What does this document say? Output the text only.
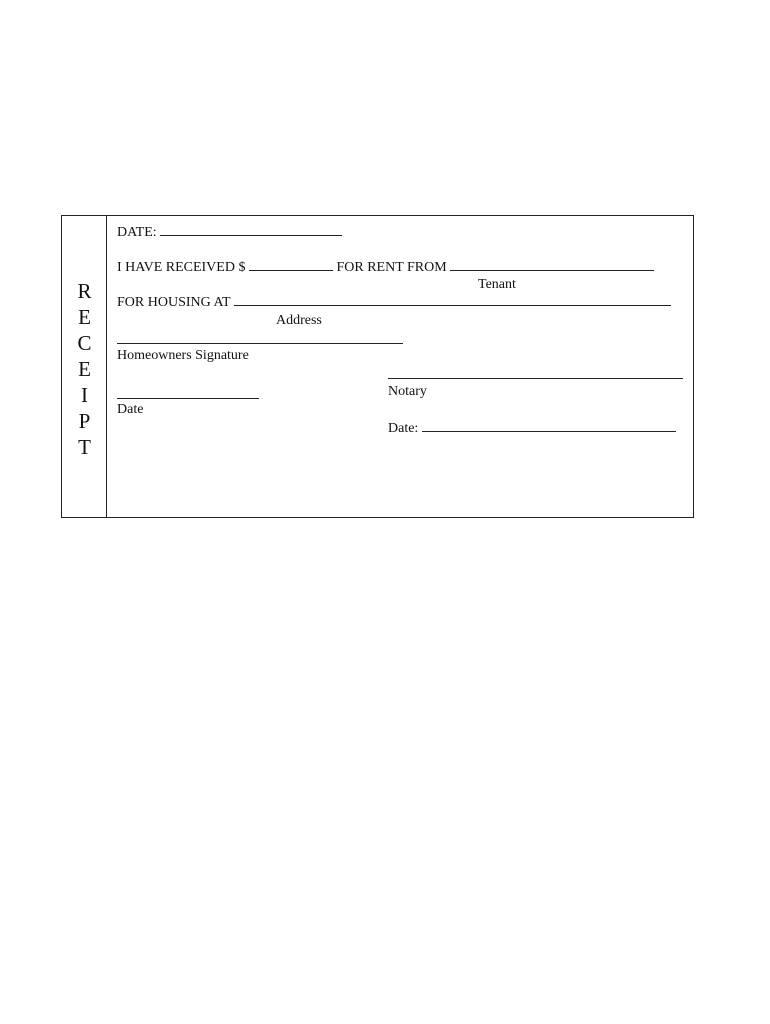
R
E
C
E
I
P
T
DATE:
I HAVE RECEIVED $	FOR RENT FROM
Tenant
FOR HOUSING AT
Address
Homeowners Signature
Date
Notary
Date:
